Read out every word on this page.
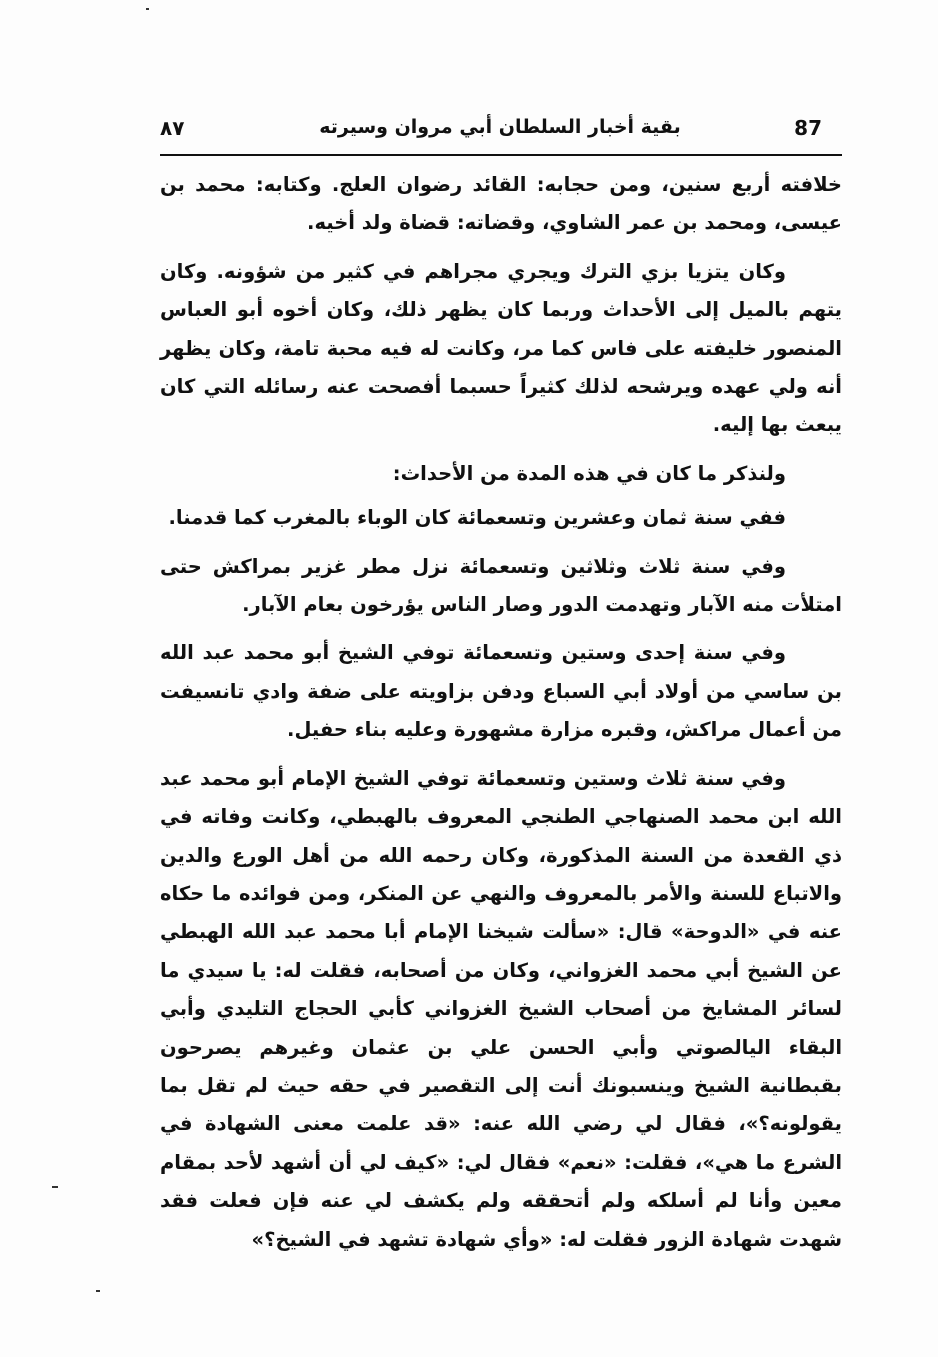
87
بقية أخبار السلطان أبي مروان وسيرته
٨٧

خلافته أربع سنين، ومن حجابه: القائد رضوان العلج. وكتابه: محمد بن عيسى، ومحمد بن عمر الشاوي، وقضاته: قضاة ولد أخيه.

وكان يتزيا بزي الترك ويجري مجراهم في كثير من شؤونه. وكان يتهم بالميل إلى الأحداث وربما كان يظهر ذلك، وكان أخوه أبو العباس المنصور خليفته على فاس كما مر، وكانت له فيه محبة تامة، وكان يظهر أنه ولي عهده ويرشحه لذلك كثيراً حسبما أفصحت عنه رسائله التي كان يبعث بها إليه.

ولنذكر ما كان في هذه المدة من الأحداث:

ففي سنة ثمان وعشرين وتسعمائة كان الوباء بالمغرب كما قدمنا.

وفي سنة ثلاث وثلاثين وتسعمائة نزل مطر غزير بمراكش حتى امتلأت منه الآبار وتهدمت الدور وصار الناس يؤرخون بعام الآبار.

وفي سنة إحدى وستين وتسعمائة توفي الشيخ أبو محمد عبد الله بن ساسي من أولاد أبي السباع ودفن بزاويته على ضفة وادي تانسيفت من أعمال مراكش، وقبره مزارة مشهورة وعليه بناء حفيل.

وفي سنة ثلاث وستين وتسعمائة توفي الشيخ الإمام أبو محمد عبد الله ابن محمد الصنهاجي الطنجي المعروف بالهبطي، وكانت وفاته في ذي القعدة من السنة المذكورة، وكان رحمه الله من أهل الورع والدين والاتباع للسنة والأمر بالمعروف والنهي عن المنكر، ومن فوائده ما حكاه عنه في «الدوحة» قال: «سألت شيخنا الإمام أبا محمد عبد الله الهبطي عن الشيخ أبي محمد الغزواني، وكان من أصحابه، فقلت له: يا سيدي ما لسائر المشايخ من أصحاب الشيخ الغزواني كأبي الحجاج التليدي وأبي البقاء اليالصوتي وأبي الحسن علي بن عثمان وغيرهم يصرحون بقبطانية الشيخ وينسبونك أنت إلى التقصير في حقه حيث لم تقل بما يقولونه؟»، فقال لي رضي الله عنه: «قد علمت معنى الشهادة في الشرع ما هي»، فقلت: «نعم» فقال لي: «كيف لي أن أشهد لأحد بمقام معين وأنا لم أسلكه ولم أتحققه ولم يكشف لي عنه فإن فعلت فقد شهدت شهادة الزور فقلت له: «وأي شهادة تشهد في الشيخ؟»
